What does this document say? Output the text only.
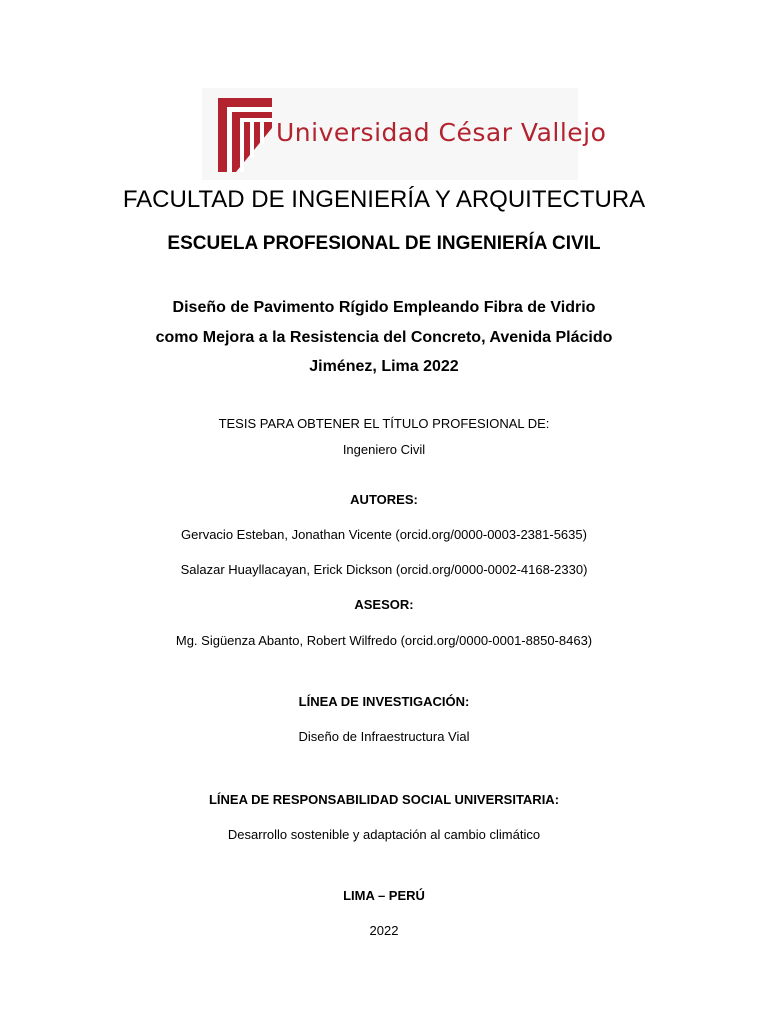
Universidad César Vallejo
FACULTAD DE INGENIERÍA Y ARQUITECTURA
ESCUELA PROFESIONAL DE INGENIERÍA CIVIL
Diseño de Pavimento Rígido Empleando Fibra de Vidrio
como Mejora a la Resistencia del Concreto, Avenida Plácido
Jiménez, Lima 2022
TESIS PARA OBTENER EL TÍTULO PROFESIONAL DE:
Ingeniero Civil
AUTORES:
Gervacio Esteban, Jonathan Vicente (orcid.org/0000-0003-2381-5635)
Salazar Huayllacayan, Erick Dickson (orcid.org/0000-0002-4168-2330)
ASESOR:
Mg. Sigüenza Abanto, Robert Wilfredo (orcid.org/0000-0001-8850-8463)
LÍNEA DE INVESTIGACIÓN:
Diseño de Infraestructura Vial
LÍNEA DE RESPONSABILIDAD SOCIAL UNIVERSITARIA:
Desarrollo sostenible y adaptación al cambio climático
LIMA – PERÚ
2022
